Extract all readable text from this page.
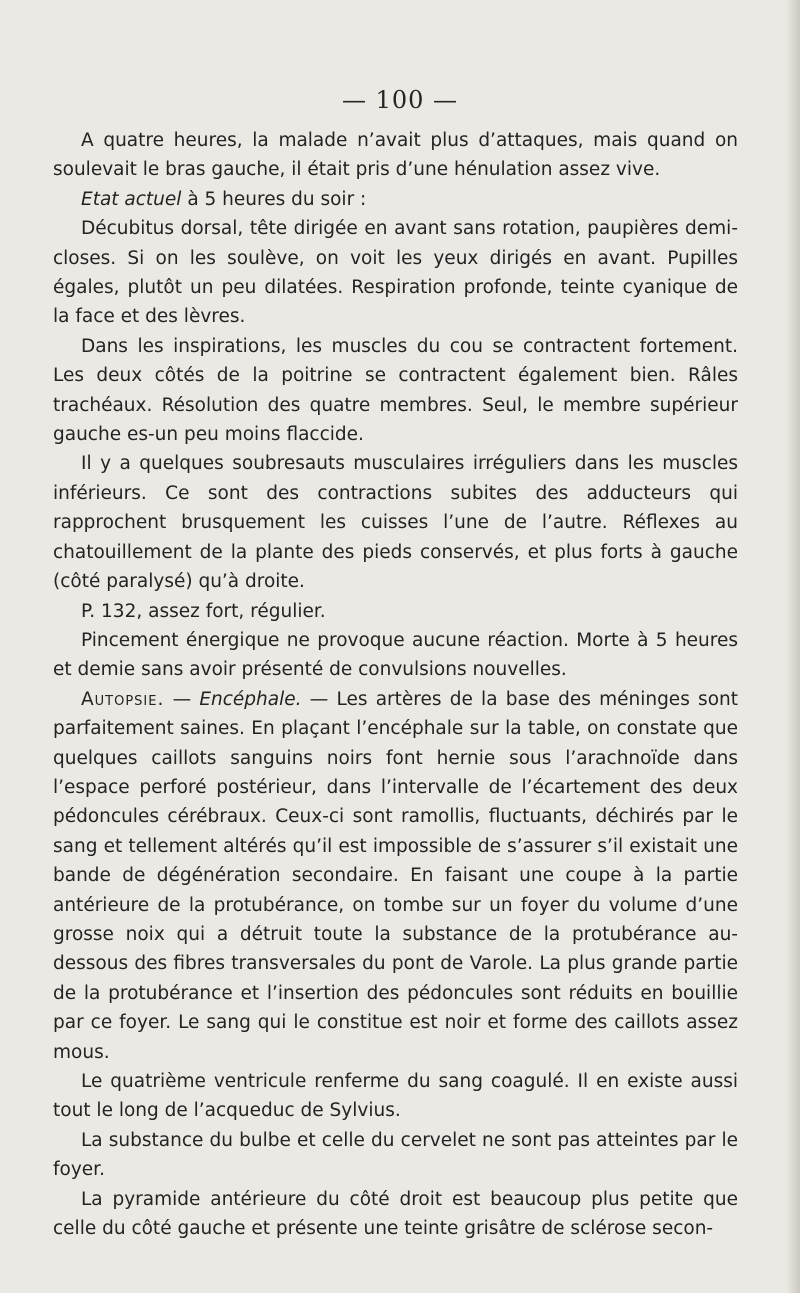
— 100 —

A quatre heures, la malade n’avait plus d’attaques, mais quand on soulevait le bras gauche, il était pris d’une hénulation assez vive.

Etat actuel à 5 heures du soir :

Décubitus dorsal, tête dirigée en avant sans rotation, paupières demi-closes. Si on les soulève, on voit les yeux dirigés en avant. Pupilles égales, plutôt un peu dilatées. Respiration profonde, teinte cyanique de la face et des lèvres.

Dans les inspirations, les muscles du cou se contractent fortement. Les deux côtés de la poitrine se contractent également bien. Râles trachéaux. Résolution des quatre membres. Seul, le membre supérieur gauche es-un peu moins flaccide.

Il y a quelques soubresauts musculaires irréguliers dans les muscles inférieurs. Ce sont des contractions subites des adducteurs qui rapprochent brusquement les cuisses l’une de l’autre. Réflexes au chatouillement de la plante des pieds conservés, et plus forts à gauche (côté paralysé) qu’à droite.

P. 132, assez fort, régulier.

Pincement énergique ne provoque aucune réaction. Morte à 5 heures et demie sans avoir présenté de convulsions nouvelles.

Autopsie. — Encéphale. — Les artères de la base des méninges sont parfaitement saines. En plaçant l’encéphale sur la table, on constate que quelques caillots sanguins noirs font hernie sous l’arachnoïde dans l’espace perforé postérieur, dans l’intervalle de l’écartement des deux pédoncules cérébraux. Ceux-ci sont ramollis, fluctuants, déchirés par le sang et tellement altérés qu’il est impossible de s’assurer s’il existait une bande de dégénération secondaire. En faisant une coupe à la partie antérieure de la protubérance, on tombe sur un foyer du volume d’une grosse noix qui a détruit toute la substance de la protubérance au-dessous des fibres transversales du pont de Varole. La plus grande partie de la protubérance et l’insertion des pédoncules sont réduits en bouillie par ce foyer. Le sang qui le constitue est noir et forme des caillots assez mous.

Le quatrième ventricule renferme du sang coagulé. Il en existe aussi tout le long de l’acqueduc de Sylvius.

La substance du bulbe et celle du cervelet ne sont pas atteintes par le foyer.

La pyramide antérieure du côté droit est beaucoup plus petite que celle du côté gauche et présente une teinte grisâtre de sclérose secon-
